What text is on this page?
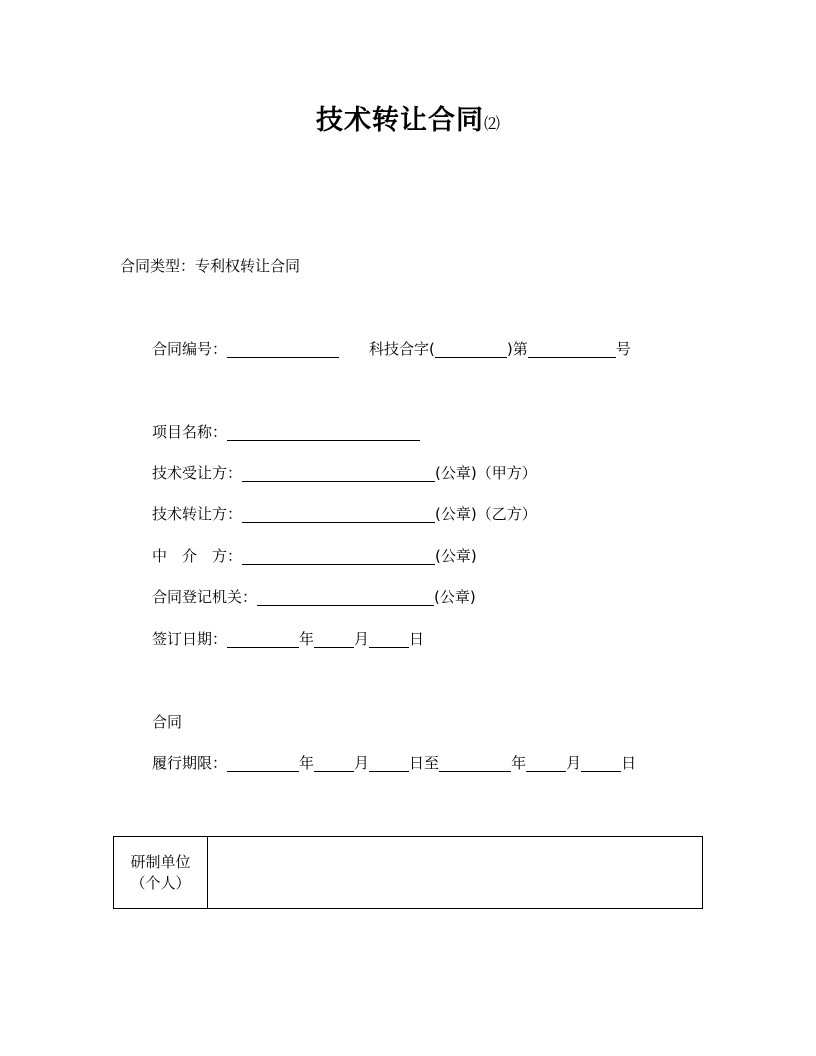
技术转让合同⑵
合同类型： 专利权转让合同
合同编号：	科技合字(	)第	号
项目名称：
技术受让方：	(公章)（甲方）
技术转让方：	(公章)（乙方）
中　介　方：	(公章)
合同登记机关：	(公章)
签订日期：	年	月	日
合同
履行期限：	年	月	日至	年	月	日
研制单位
（个人）
